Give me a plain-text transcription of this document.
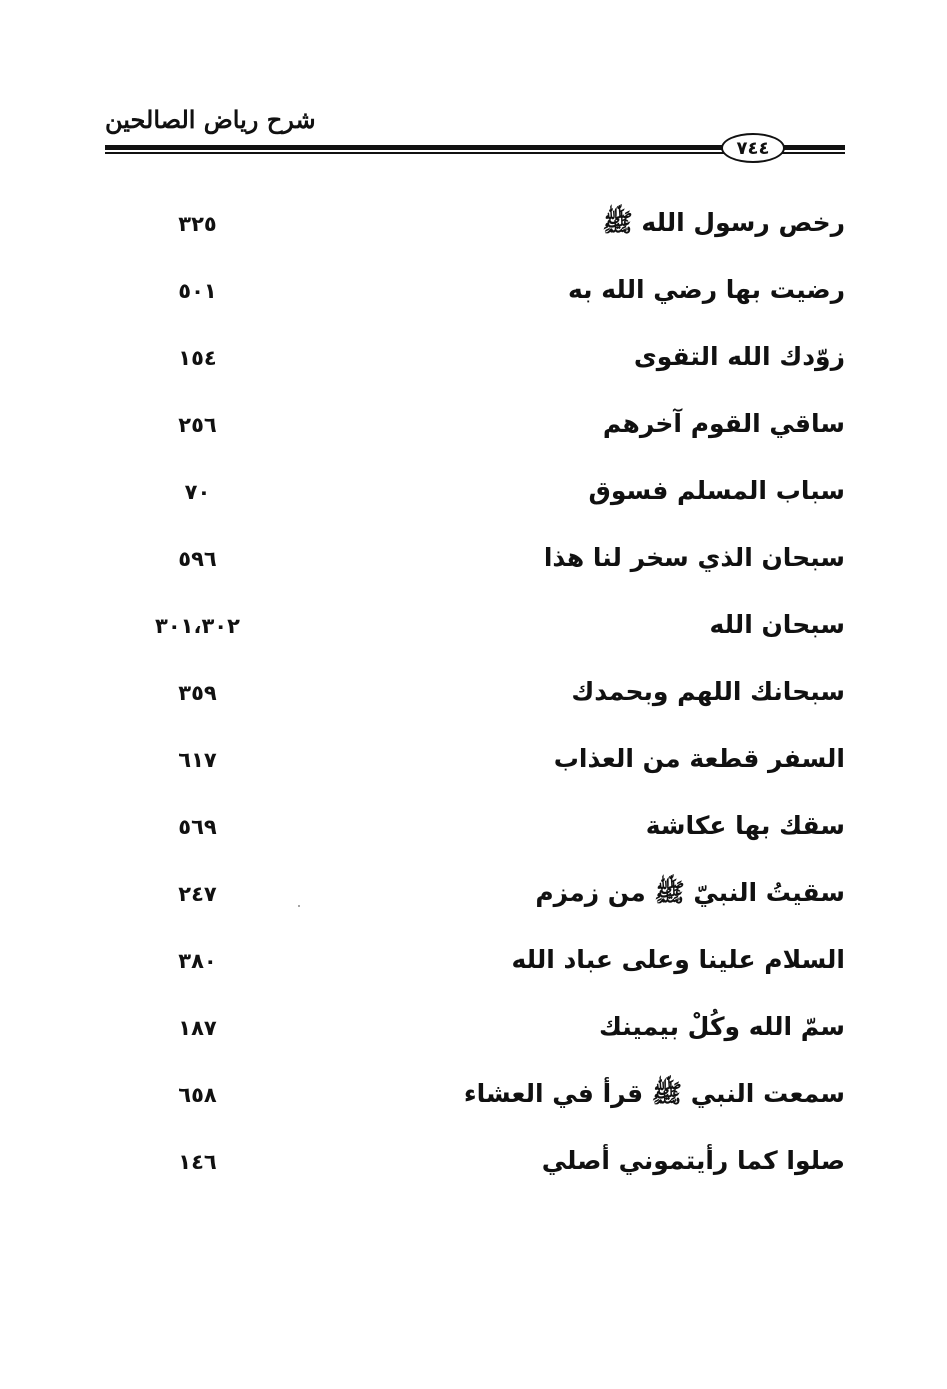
شرح رياض الصالحين
٧٤٤
رخص رسول الله ﷺ
٣٢٥
رضيت بها رضي الله به
٥٠١
زوّدك الله التقوى
١٥٤
ساقي القوم آخرهم
٢٥٦
سباب المسلم فسوق
٧٠
سبحان الذي سخر لنا هذا
٥٩٦
سبحان الله
٣٠١،٣٠٢
سبحانك اللهم وبحمدك
٣٥٩
السفر قطعة من العذاب
٦١٧
سقك بها عكاشة
٥٦٩
سقيتُ النبيّ ﷺ من زمزم
٢٤٧
السلام علينا وعلى عباد الله
٣٨٠
سمّ الله وكُلْ بيمينك
١٨٧
سمعت النبي ﷺ قرأ في العشاء
٦٥٨
صلوا كما رأيتموني أصلي
١٤٦
